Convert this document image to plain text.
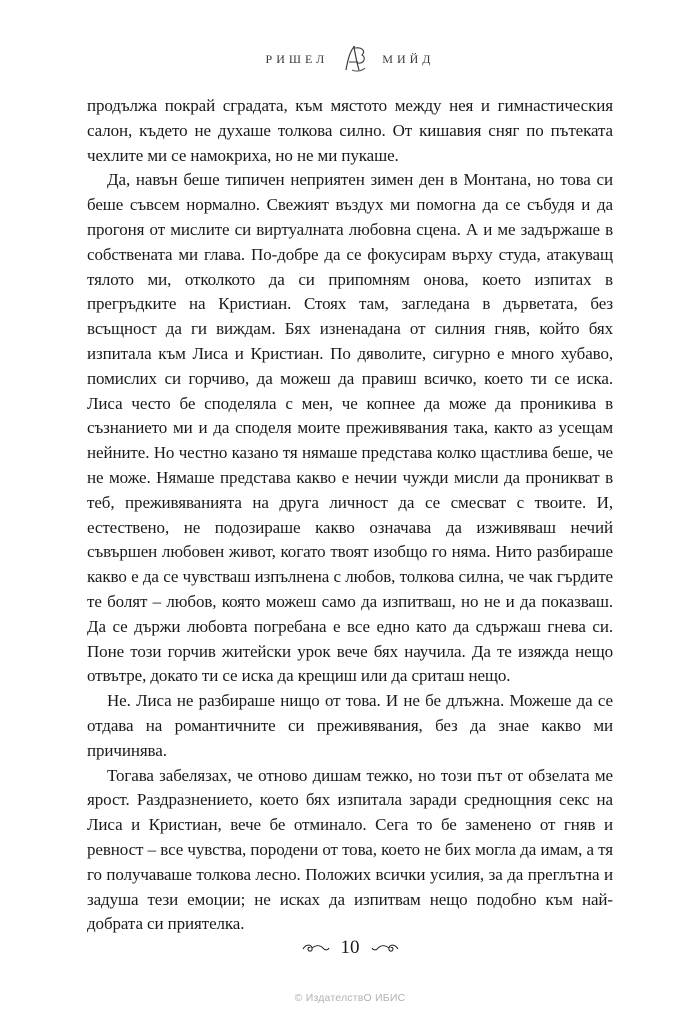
РИШЕЛ	МИЙД

продължа покрай сградата, към мястото между нея и гимнастическия салон, където не духаше толкова силно. От кишавия сняг по пътеката чехлите ми се намокриха, но не ми пукаше.

Да, навън беше типичен неприятен зимен ден в Монтана, но това си беше съвсем нормално. Свежият въздух ми помогна да се събудя и да прогоня от мислите си виртуалната любовна сцена. А и ме задържаше в собствената ми глава. По-добре да се фокусирам върху студа, атакуващ тялото ми, отколкото да си припомням онова, което изпитах в прегръдките на Кристиан. Стоях там, загледана в дърветата, без всъщност да ги виждам. Бях изненадана от силния гняв, който бях изпитала към Лиса и Кристиан. По дяволите, сигурно е много хубаво, помислих си горчиво, да можеш да правиш всичко, което ти се иска. Лиса често бе споделяла с мен, че копнее да може да проникива в съзнанието ми и да споделя моите преживявания така, както аз усещам нейните. Но честно казано тя нямаше представа колко щастлива беше, че не може. Нямаше представа какво е нечии чужди мисли да проникват в теб, преживяванията на друга личност да се смесват с твоите. И, естествено, не подозираше какво означава да изживяваш нечий съвършен любовен живот, когато твоят изобщо го няма. Нито разбираше какво е да се чувстваш изпълнена с любов, толкова силна, че чак гърдите те болят – любов, която можеш само да изпитваш, но не и да показваш. Да се държи любовта погребана е все едно като да сдържаш гнева си. Поне този горчив житейски урок вече бях научила. Да те изяжда нещо отвътре, докато ти се иска да крещиш или да сриташ нещо.

Не. Лиса не разбираше нищо от това. И не бе длъжна. Можеше да се отдава на романтичните си преживявания, без да знае какво ми причинява.

Тогава забелязах, че отново дишам тежко, но този път от обзелата ме ярост. Раздразнението, което бях изпитала заради среднощния секс на Лиса и Кристиан, вече бе отминало. Сега то бе заменено от гняв и ревност – все чувства, породени от това, което не бих могла да имам, а тя го получаваше толкова лесно. Положих всички усилия, за да преглътна и задуша тези емоции; не исках да изпитвам нещо подобно към най-добрата си приятелка.

10
© ИздателствО ИБИС
